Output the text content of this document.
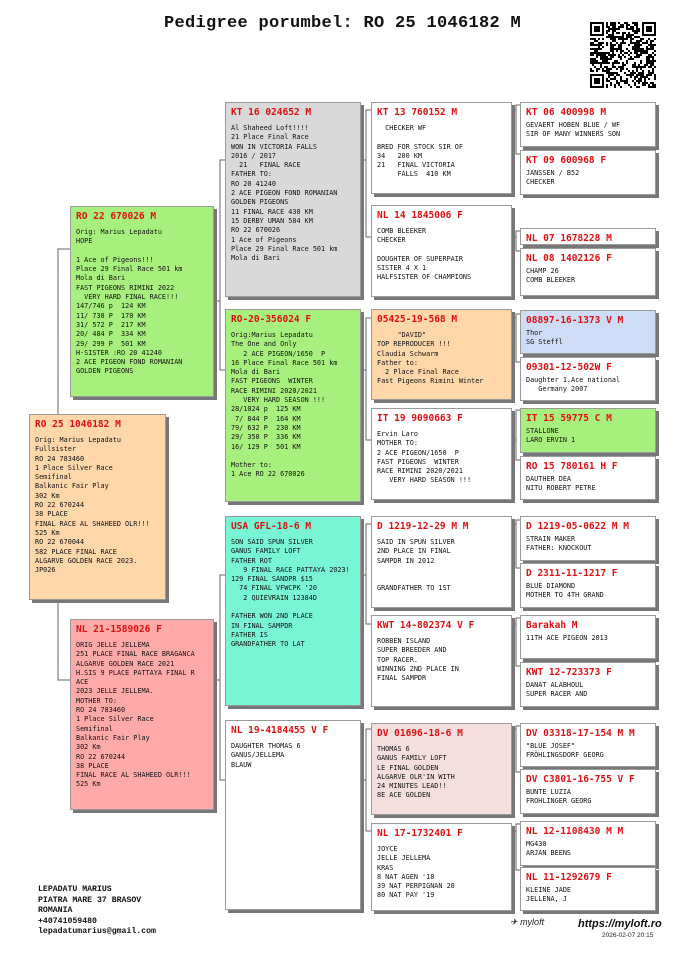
Pedigree porumbel: RO 25 1046182 M
RO 25 1046182 M
Orig: Marius Lepadatu
Fullsister
RO 24 783460
1 Place Silver Race
Semifinal
Balkanic Fair Play
302 Km
RO 22 670244
38 PLACE
FINAL RACE AL SHAHEED OLR!!!
525 Km
RO 22 670044
582 PLACE FINAL RACE
ALGARVE GOLDEN RACE 2023.
JP026
RO 22 670026 M
Orig: Marius Lepadatu
HOPE

1 Ace of Pigeons!!!
Place 29 Final Race 501 km
Mola di Bari
FAST PIGEONS RIMINI 2022
VERY HARD FINAL RACE!!!
147/746 p  124 KM
11/ 730 P  170 KM
31/ 572 P  217 KM
20/ 484 P  334 KM
29/ 299 P  501 KM
H-SISTER :RO 20 41240
2 ACE PIGEON FOND ROMANIAN
GOLDEN PIGEONS
NL 21-1589026 F
ORIG JELLE JELLEMA
251 PLACE FINAL RACE BRAGANCA
ALGARVE GOLDEN RACE 2021
H.SIS 9 PLACE PATTAYA FINAL R
ACE
2023 JELLE JELLEMA.
MOTHER TO:
RO 24 783460
1 Place Silver Race
Semifinal
Balkanic Fair Play
302 Km
RO 22 670244
38 PLACE
FINAL RACE AL SHAHEED OLR!!!
525 Km
KT 16 024652 M
Al Shaheed Loft!!!!
21 Place Final Race
WON IN VICTORIA FALLS
2016 / 2017
21   FINAL RACE
FATHER TO:
RO 20 41240
2 ACE PIGEON FOND ROMANIAN
GOLDEN PIGEONS
11 FINAL RACE 430 KM
15 DERBY UMAN 584 KM
RO 22 670026
1 Ace of Pigeons
Place 29 Final Race 501 km
Mola di Bari
RO-20-356024 F
Orig:Marius Lepadatu
The One and Only
2 ACE PIGEON/1650  P
16 Place Final Race 501 km
Mola di Bari
FAST PIGEONS  WINTER
RACE RIMINI 2020/2021
VERY HARD SEASON !!!
28/1024 p  125 KM
7/ 844 P  164 KM
79/ 632 P  230 KM
29/ 350 P  336 KM
16/ 129 P  501 KM

Mother to:
1 Ace RO 22 670026
USA GFL-18-6 M
SON SAID SPUN SILVER
GANUS FAMILY LOFT
FATHER ROT
9 FINAL RACE PATTAYA 2023!
129 FINAL SANDPR $15
74 FINAL VFWCPK '20
2 QUIEVRAIN 12384D

FATHER WON 2ND PLACE
IN FINAL SAMPDR
FATHER IS
GRANDFATHER TO LAT
NL 19-4184455 V F
DAUGHTER THOMAS 6
GANUS/JELLEMA
BLAUW
KT 13 760152 M
CHECKER WF

BRED FOR STOCK SIR OF
34   200 KM
21   FINAL VICTORIA
FALLS  410 KM
NL 14 1845006 F
COMB BLEEKER
CHECKER

DOUGHTER OF SUPERPAIR
SISTER 4 X 1
HALFSISTER OF CHAMPIONS
05425-19-568 M
"DAVID"
TOP REPRODUCER !!!
Claudia Schwarm
Father to:
2 Place Final Race
Fast Pigeons Rimini Winter
IT 19 9090663 F
Ervin Laro
MOTHER TO:
2 ACE PIGEON/1650  P
FAST PIGEONS  WINTER
RACE RIMINI 2020/2021
VERY HARD SEASON !!!
D 1219-12-29 M M
SAID IN SPUN SILVER
2ND PLACE IN FINAL
SAMPDR IN 2012

GRANDFATHER TO 1ST
KWT 14-802374 V F
ROBBEN ISLAND
SUPER BREEDER AND
TOP RACER.
WINNING 2ND PLACE IN
FINAL SAMPDR
DV 01696-18-6 M
THOMAS 6
GANUS FAMILY LOFT
LE FINAL GOLDEN
ALGARVE OLR'IN WITH
24 MINUTES LEAD!!
8E ACE GOLDEN
NL 17-1732401 F
JOYCE
JELLE JELLEMA
KRAS
8 NAT AGEN '18
39 NAT PERPIGNAN 20
80 NAT PAY '19
KT 06 400998 M
GEVAERT HOBEN BLUE / WF
SIR OF MANY WINNERS SON
KT 09 600968 F
JANSSEN / B52
CHECKER
NL 07 1678228 M
NL 08 1402126 F
CHAMP 26
COMB BLEEKER
08897-16-1373 V M
Thor
SG Steffl
09301-12-502W F
Daughter 1.Ace national
Germany 2007
IT 15 59775 C M
STALLONE
LARO ERVIN 1
RO 15 780161 H F
DAUTHER DEA
NITU ROBERT PETRE
D 1219-05-0622 M M
STRAIN MAKER
FATHER: KNOCKOUT
D 2311-11-1217 F
BLUE DIAMOND
MOTHER TO 4TH GRAND
Barakah M
11TH ACE PIGEON 2013
KWT 12-723373 F
DANAT ALABHOUL
SUPER RACER AND
DV 03318-17-154 M M
"BLUE JOSEF"
FRÖHLINGSDORF GEORG
DV C3801-16-755 V F
BUNTE LUZIA
FROHLINGER GEORG
NL 12-1108430 M M
MG430
ARJAN BEENS
NL 11-1292679 F
KLEINE JADE
JELLENA, J
LEPADATU MARIUS
PIATRA MARE 37 BRASOV
ROMANIA
+40741059480
lepadatumarius@gmail.com
✈ myloft	https://myloft.ro
2026-02-07 20:15
